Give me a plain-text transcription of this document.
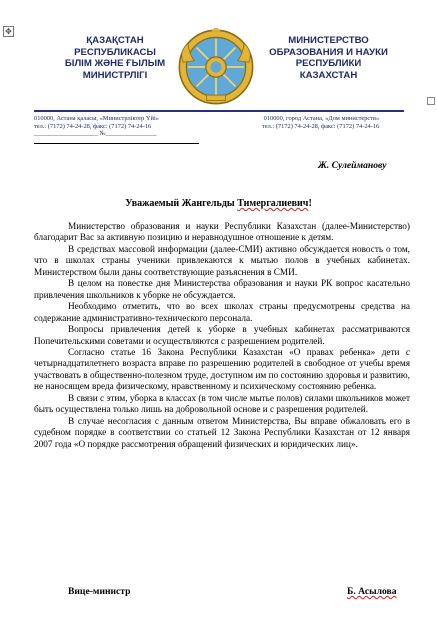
✥
ҚАЗАҚСТАН
РЕСПУБЛИКАСЫ
БІЛІМ ЖӘНЕ ҒЫЛЫМ
МИНИСТРЛІГІ
МИНИСТЕРСТВО
ОБРАЗОВАНИЯ И НАУКИ
РЕСПУБЛИКИ
КАЗАХСТАН
010000, Астана қаласы, «Министрліктер Үйі»
тел.: (7172) 74-24-28, факс: (7172) 74-24-16
010000, город Астана, «Дом министерств»
тел.: (7172) 74-24-28, факс: (7172) 74-24-16
____________________ №________________
Ж. Сулейманову
Уважаемый Жангельды Тимергалиевич!

Министерство образования и науки Республики Казахстан (далее-Министерство) благодарит Вас за активную позицию и неравнодушное отношение к детям.

В средствах массовой информации (далее-СМИ) активно обсуждается новость о том, что в школах страны ученики привлекаются к мытью полов в учебных кабинетах. Министерством были даны соответствующие разъяснения в СМИ.

В целом на повестке дня Министерства образования и науки РК вопрос касательно привлечения школьников к уборке не обсуждается.

Необходимо отметить, что во всех школах страны предусмотрены средства на содержание административно-технического персонала.

Вопросы привлечения детей к уборке в учебных кабинетах рассматриваются Попечительскими советами и осуществляются с разрешением родителей.

Согласно статье 16 Закона Республики Казахстан «О правах ребенка» дети с четырнадцатилетнего возраста вправе по разрешению родителей в свободное от учебы время участвовать в общественно-полезном труде, доступном им по состоянию здоровья и развитию, не наносящем вреда физическому, нравственному и психическому состоянию ребенка.

В связи с этим, уборка в классах (в том числе мытье полов) силами школьников может быть осуществлена только лишь на добровольной основе и с разрешения родителей.

В случае несогласия с данным ответом Министерства, Вы вправе обжаловать его в судебном порядке в соответствии со статьей 12 Закона Республики Казахстан от 12 января 2007 года «О порядке рассмотрения обращений физических и юридических лиц».

Вице-министр	Б. Асылова
